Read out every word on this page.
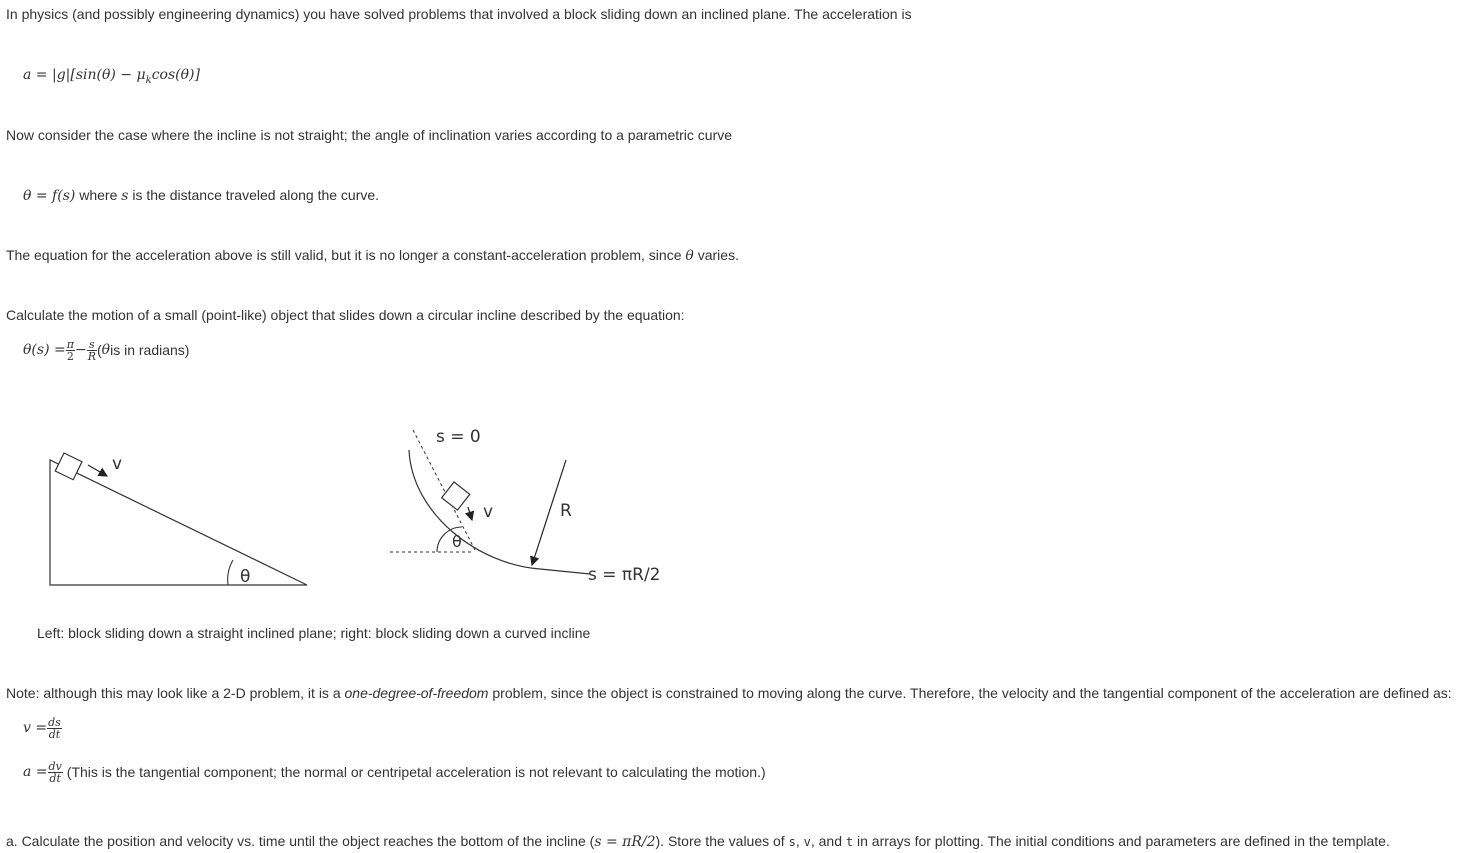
In physics (and possibly engineering dynamics) you have solved problems that involved a block sliding down an inclined plane. The acceleration is
$a = |g|[\sin(\theta) - \mu_k\cos(\theta)]$
Now consider the case where the incline is not straight; the angle of inclination varies according to a parametric curve
θ = f(s) where s is the distance traveled along the curve.
The equation for the acceleration above is still valid, but it is no longer a constant-acceleration problem, since θ varies.
Calculate the motion of a small (point-like) object that slides down a circular incline described by the equation:
$\theta(s) = \frac{\pi}{2} - \frac{s}{R}$ ( θ is in radians)
v
θ
v	R
θ
s = 0
s = πR/2
Left: block sliding down a straight inclined plane; right: block sliding down a curved incline
Note: although this may look like a 2-D problem, it is a one-degree-of-freedom problem, since the object is constrained to moving along the curve. Therefore, the velocity and the tangential component of the acceleration are defined as:
$v = \frac{ds}{dt}$
$a = \frac{dv}{dt}$ (This is the tangential component; the normal or centripetal acceleration is not relevant to calculating the motion.)
a. Calculate the position and velocity vs. time until the object reaches the bottom of the incline (s = πR/2). Store the values of s, v, and t in arrays for plotting. The initial conditions and parameters are defined in the template.
